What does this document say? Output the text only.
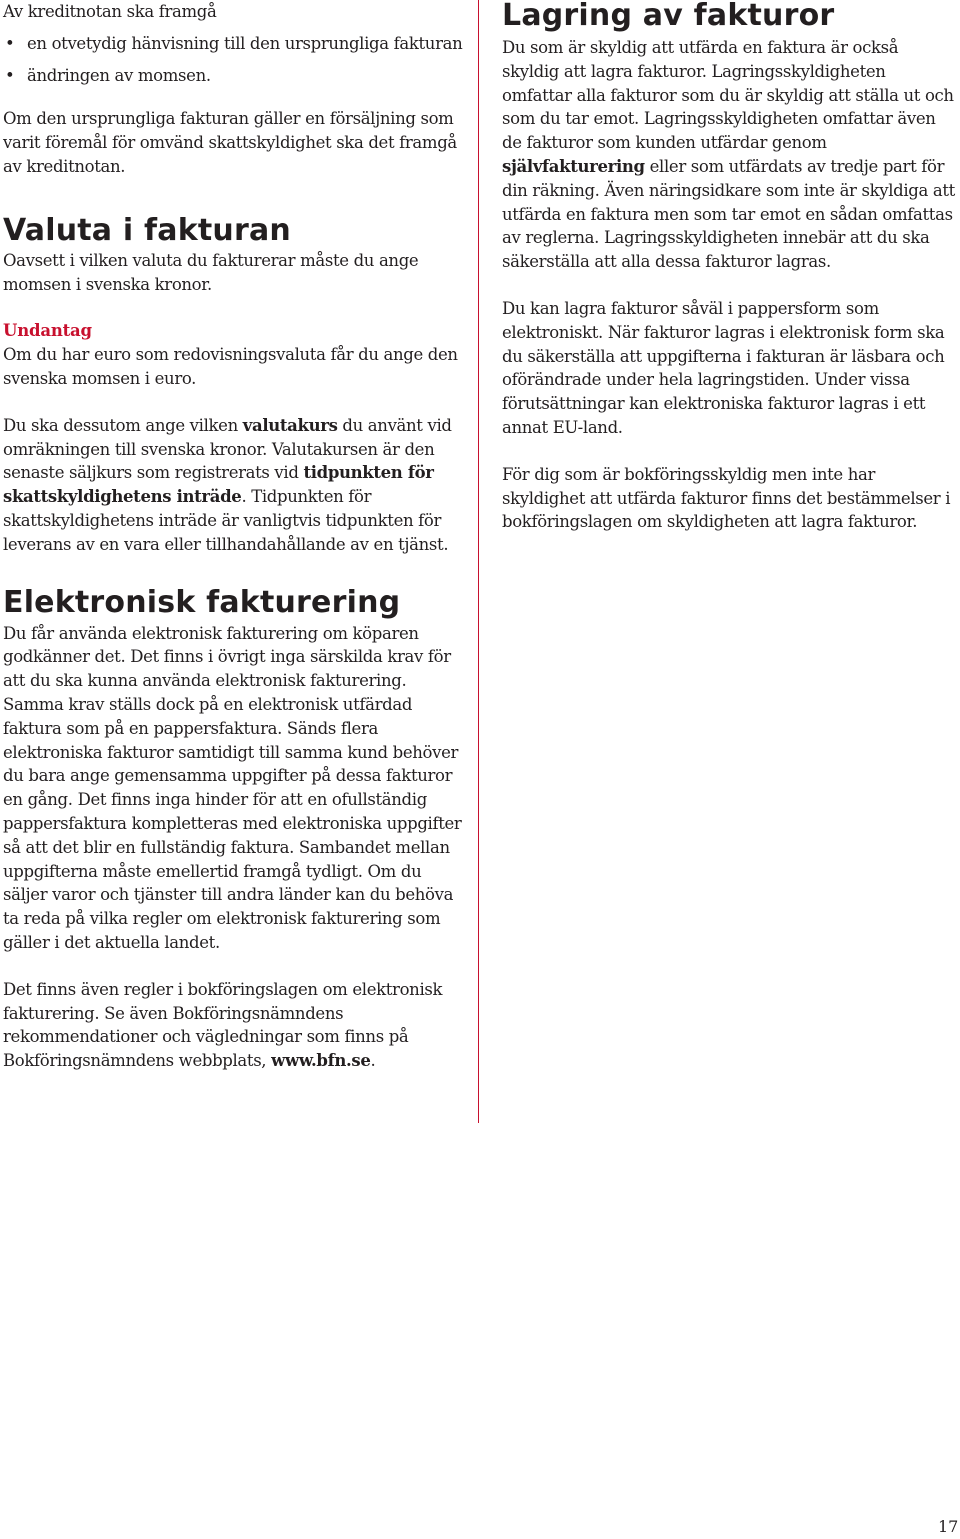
Av kreditnotan ska framgå

• en otvetydig hänvisning till den ursprungliga fakturan
• ändringen av momsen.

Om den ursprungliga fakturan gäller en försäljning som varit föremål för omvänd skattskyldighet ska det framgå av kreditnotan.

Valuta i fakturan

Oavsett i vilken valuta du fakturerar måste du ange momsen i svenska kronor.

Undantag

Om du har euro som redovisningsvaluta får du ange den svenska momsen i euro.

Du ska dessutom ange vilken valutakurs du använt vid omräkningen till svenska kronor. Valutakursen är den senaste säljkurs som registrerats vid tidpunkten för skattskyldighetens inträde. Tidpunkten för skattskyldighetens inträde är vanligtvis tidpunkten för leverans av en vara eller tillhandahållande av en tjänst.

Elektronisk fakturering

Du får använda elektronisk fakturering om köparen godkänner det. Det finns i övrigt inga särskilda krav för att du ska kunna använda elektronisk fakturering. Samma krav ställs dock på en elektronisk utfärdad faktura som på en pappersfaktura. Sänds flera elektroniska fakturor samtidigt till samma kund behöver du bara ange gemensamma uppgifter på dessa fakturor en gång. Det finns inga hinder för att en ofullständig pappersfaktura kompletteras med elektroniska uppgifter så att det blir en fullständig faktura. Sambandet mellan uppgifterna måste emellertid framgå tydligt. Om du säljer varor och tjänster till andra länder kan du behöva ta reda på vilka regler om elektronisk fakturering som gäller i det aktuella landet.

Det finns även regler i bokföringslagen om elektronisk fakturering. Se även Bokföringsnämndens rekommendationer och vägledningar som finns på Bokföringsnämndens webbplats, www.bfn.se.

Lagring av fakturor

Du som är skyldig att utfärda en faktura är också skyldig att lagra fakturor. Lagringsskyldigheten omfattar alla fakturor som du är skyldig att ställa ut och som du tar emot. Lagringsskyldigheten omfattar även de fakturor som kunden utfärdar genom självfakturering eller som utfärdats av tredje part för din räkning. Även näringsidkare som inte är skyldiga att utfärda en faktura men som tar emot en sådan omfattas av reglerna. Lagringsskyldigheten innebär att du ska säkerställa att alla dessa fakturor lagras.

Du kan lagra fakturor såväl i pappersform som elektroniskt. När fakturor lagras i elektronisk form ska du säkerställa att uppgifterna i fakturan är läsbara och oförändrade under hela lagringstiden. Under vissa förutsättningar kan elektroniska fakturor lagras i ett annat EU-land.

För dig som är bokföringsskyldig men inte har skyldighet att utfärda fakturor finns det bestämmelser i bokföringslagen om skyldigheten att lagra fakturor.

17
